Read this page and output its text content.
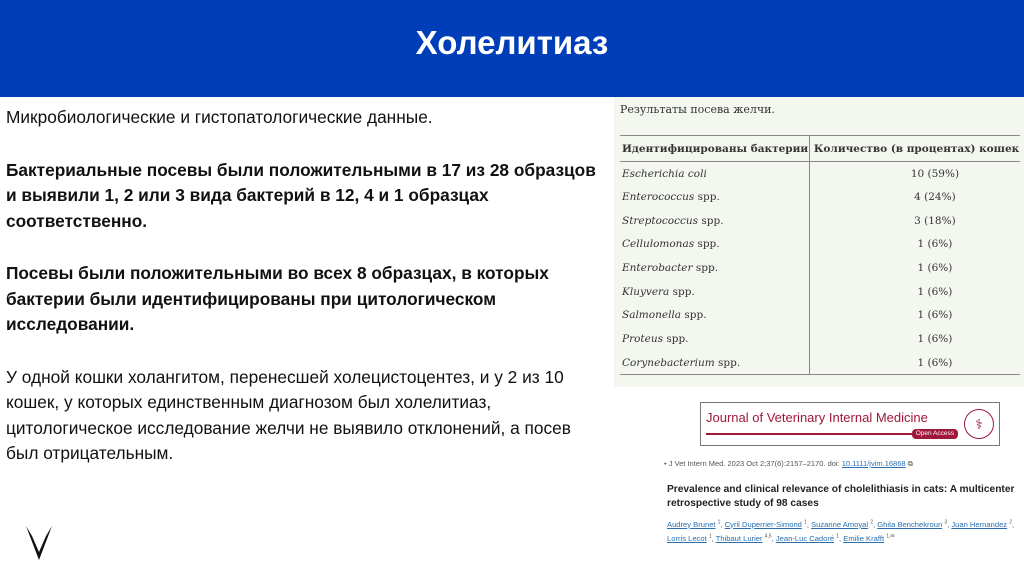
Холелитиаз

Микробиологические и гистопатологические данные.

Бактериальные посевы были положительными в 17 из 28 образцов и выявили 1, 2 или 3 вида бактерий в 12, 4 и 1 образцах соответственно.

Посевы были положительными во всех 8 образцах, в которых бактерии были идентифицированы при цитологическом исследовании.

У одной кошки холангитом, перенесшей холецистоцентез, и у 2 из 10 кошек, у которых единственным диагнозом был холелитиаз, цитологическое исследование желчи не выявило отклонений, а посев был отрицательным.

Результаты посева желчи.
Идентифицированы бактерии	Количество (в процентах) кошек
Escherichia coli	10 (59%)
Enterococcus spp.	4 (24%)
Streptococcus spp.	3 (18%)
Cellulomonas spp.	1 (6%)
Enterobacter spp.	1 (6%)
Kluyvera spp.	1 (6%)
Salmonella spp.	1 (6%)
Proteus spp.	1 (6%)
Corynebacterium spp.	1 (6%)
Journal of Veterinary Internal Medicine
Open Access
⚕
• J Vet Intern Med. 2023 Oct 2;37(6):2157–2170. doi: 10.1111/jvim.16868 ⧉
Prevalence and clinical relevance of cholelithiasis in cats: A multicenter retrospective study of 98 cases
Audrey Brunet $^1$, Cyril Duperrier-Simond $^1$, Suzanne Amoyal $^2$, Ghita Benchekroun $^3$, Juan Hernandez $^2$, Lorris Lecot $^1$, Thibaut Lurier $^{4,5}$, Jean-Luc Cadoré $^1$, Emilie Krafft $^{1,✉}$
